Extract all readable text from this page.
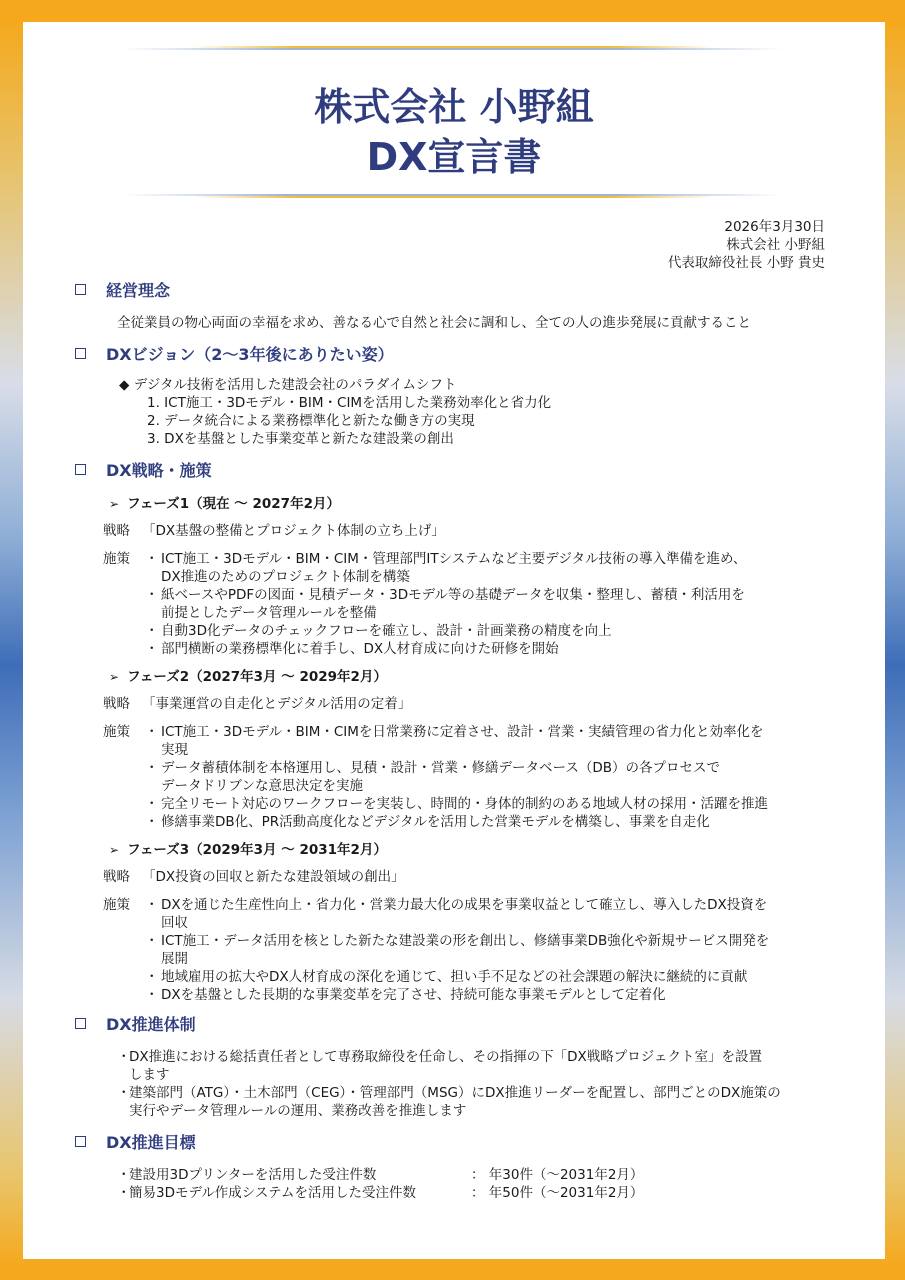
株式会社 小野組
DX宣言書
2026年3月30日
株式会社 小野組
代表取締役社長 小野 貴史
経営理念
全従業員の物心両面の幸福を求め、善なる心で自然と社会に調和し、全ての人の進歩発展に貢献すること
DXビジョン（2～3年後にありたい姿）
◆ デジタル技術を活用した建設会社のパラダイムシフト
1. ICT施工・3Dモデル・BIM・CIMを活用した業務効率化と省力化
2. データ統合による業務標準化と新たな働き方の実現
3. DXを基盤とした事業変革と新たな建設業の創出
DX戦略・施策
➢ フェーズ1（現在 ～ 2027年2月）
戦略 「DX基盤の整備とプロジェクト体制の立ち上げ」
施策 ・ ICT施工・3Dモデル・BIM・CIM・管理部門ITシステムなど主要デジタル技術の導入準備を進め、
DX推進のためのプロジェクト体制を構築
・ 紙ベースやPDFの図面・見積データ・3Dモデル等の基礎データを収集・整理し、蓄積・利活用を
前提としたデータ管理ルールを整備
・ 自動3D化データのチェックフローを確立し、設計・計画業務の精度を向上
・ 部門横断の業務標準化に着手し、DX人材育成に向けた研修を開始
➢ フェーズ2（2027年3月 ～ 2029年2月）
戦略 「事業運営の自走化とデジタル活用の定着」
施策 ・ ICT施工・3Dモデル・BIM・CIMを日常業務に定着させ、設計・営業・実績管理の省力化と効率化を
実現
・ データ蓄積体制を本格運用し、見積・設計・営業・修繕データベース（DB）の各プロセスで
データドリブンな意思決定を実施
・ 完全リモート対応のワークフローを実装し、時間的・身体的制約のある地域人材の採用・活躍を推進
・ 修繕事業DB化、PR活動高度化などデジタルを活用した営業モデルを構築し、事業を自走化
➢ フェーズ3（2029年3月 ～ 2031年2月）
戦略 「DX投資の回収と新たな建設領域の創出」
施策 ・ DXを通じた生産性向上・省力化・営業力最大化の成果を事業収益として確立し、導入したDX投資を
回収
・ ICT施工・データ活用を核とした新たな建設業の形を創出し、修繕事業DB強化や新規サービス開発を
展開
・ 地域雇用の拡大やDX人材育成の深化を通じて、担い手不足などの社会課題の解決に継続的に貢献
・ DXを基盤とした長期的な事業変革を完了させ、持続可能な事業モデルとして定着化
DX推進体制
・
DX推進における総括責任者として専務取締役を任命し、その指揮の下「DX戦略プロジェクト室」を設置
します
・
建築部門（ATG）・土木部門（CEG）・管理部門（MSG）にDX推進リーダーを配置し、部門ごとのDX施策の
実行やデータ管理ルールの運用、業務改善を推進します
DX推進目標
・
建設用3Dプリンターを活用した受注件数	： 年30件（～2031年2月）
・
簡易3Dモデル作成システムを活用した受注件数	： 年50件（～2031年2月）
